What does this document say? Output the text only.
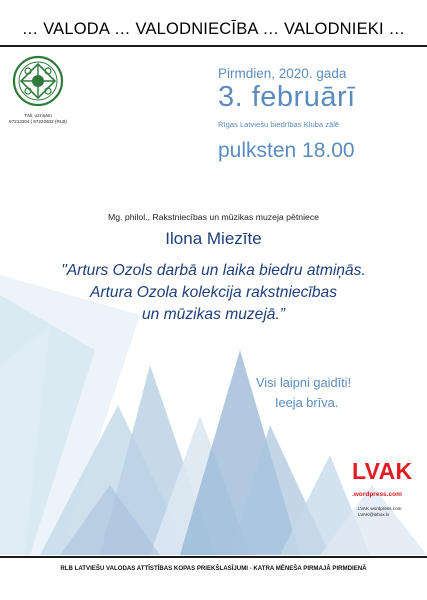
… VALODA … VALODNIECĪBA … VALODNIEKI …
Tālr. uzziņām
67213204 | 67222602 (RLB)
Pirmdien, 2020. gada
3. februārī
Rīgas Latviešu biedrības Kluba zālē
pulksten 18.00
Mg. philol., Rakstniecības un mūzikas muzeja pētniece
Ilona Miezīte
"Arturs Ozols darbā un laika biedru atmiņās.
Artura Ozola kolekcija rakstniecības
un mūzikas muzejā.”
Visi laipni gaidīti!
Ieeja brīva.
LVAK
.wordpress.com
LVAK.wordpress.com
LVAK@inbox.lv
RLB LATVIEŠU VALODAS ATTĪSTĪBAS KOPAS PRIEKŠLASĪJUMI - KATRA MĒNEŠA PIRMAJĀ PIRMDIENĀ
